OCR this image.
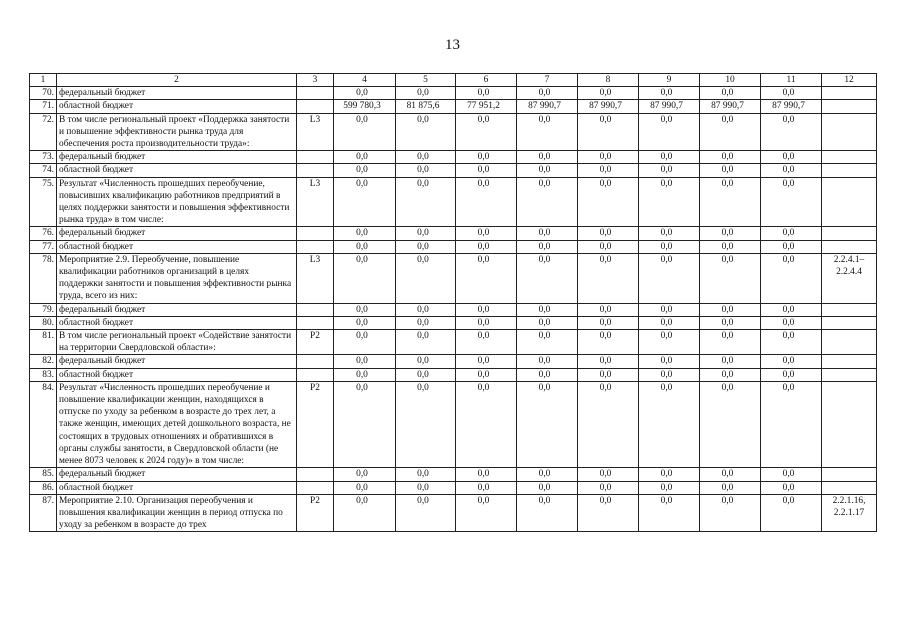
13
1	2	3	4	5	6	7	8	9	10	11	12
70.	федеральный бюджет		0,0	0,0	0,0	0,0	0,0	0,0	0,0	0,0	
71.	областной бюджет		599 780,3	81 875,6	77 951,2	87 990,7	87 990,7	87 990,7	87 990,7	87 990,7	
72.	В том числе региональный проект «Поддержка занятости и повышение эффективности рынка труда для обеспечения роста производительности труда»:	L3	0,0	0,0	0,0	0,0	0,0	0,0	0,0	0,0	
73.	федеральный бюджет		0,0	0,0	0,0	0,0	0,0	0,0	0,0	0,0	
74.	областной бюджет		0,0	0,0	0,0	0,0	0,0	0,0	0,0	0,0	
75.	Результат «Численность прошедших переобучение, повысивших квалификацию работников предприятий в целях поддержки занятости и повышения эффективности рынка труда» в том числе:	L3	0,0	0,0	0,0	0,0	0,0	0,0	0,0	0,0	
76.	федеральный бюджет		0,0	0,0	0,0	0,0	0,0	0,0	0,0	0,0	
77.	областной бюджет		0,0	0,0	0,0	0,0	0,0	0,0	0,0	0,0	
78.	Мероприятие 2.9. Переобучение, повышение квалификации работников организаций в целях поддержки занятости и повышения эффективности рынка труда, всего из них:	L3	0,0	0,0	0,0	0,0	0,0	0,0	0,0	0,0	2.2.4.1– 2.2.4.4
79.	федеральный бюджет		0,0	0,0	0,0	0,0	0,0	0,0	0,0	0,0	
80.	областной бюджет		0,0	0,0	0,0	0,0	0,0	0,0	0,0	0,0	
81.	В том числе региональный проект «Содействие занятости на территории Свердловской области»:	P2	0,0	0,0	0,0	0,0	0,0	0,0	0,0	0,0	
82.	федеральный бюджет		0,0	0,0	0,0	0,0	0,0	0,0	0,0	0,0	
83.	областной бюджет		0,0	0,0	0,0	0,0	0,0	0,0	0,0	0,0	
84.	Результат «Численность прошедших переобучение и повышение квалификации женщин, находящихся в отпуске по уходу за ребенком в возрасте до трех лет, а также женщин, имеющих детей дошкольного возраста, не состоящих в трудовых отношениях и обратившихся в органы службы занятости, в Свердловской области (не менее 8073 человек к 2024 году)» в том числе:	P2	0,0	0,0	0,0	0,0	0,0	0,0	0,0	0,0	
85.	федеральный бюджет		0,0	0,0	0,0	0,0	0,0	0,0	0,0	0,0	
86.	областной бюджет		0,0	0,0	0,0	0,0	0,0	0,0	0,0	0,0	
87.	Мероприятие 2.10. Организация переобучения и повышения квалификации женщин в период отпуска по уходу за ребенком в возрасте до трех	P2	0,0	0,0	0,0	0,0	0,0	0,0	0,0	0,0	2.2.1.16, 2.2.1.17
